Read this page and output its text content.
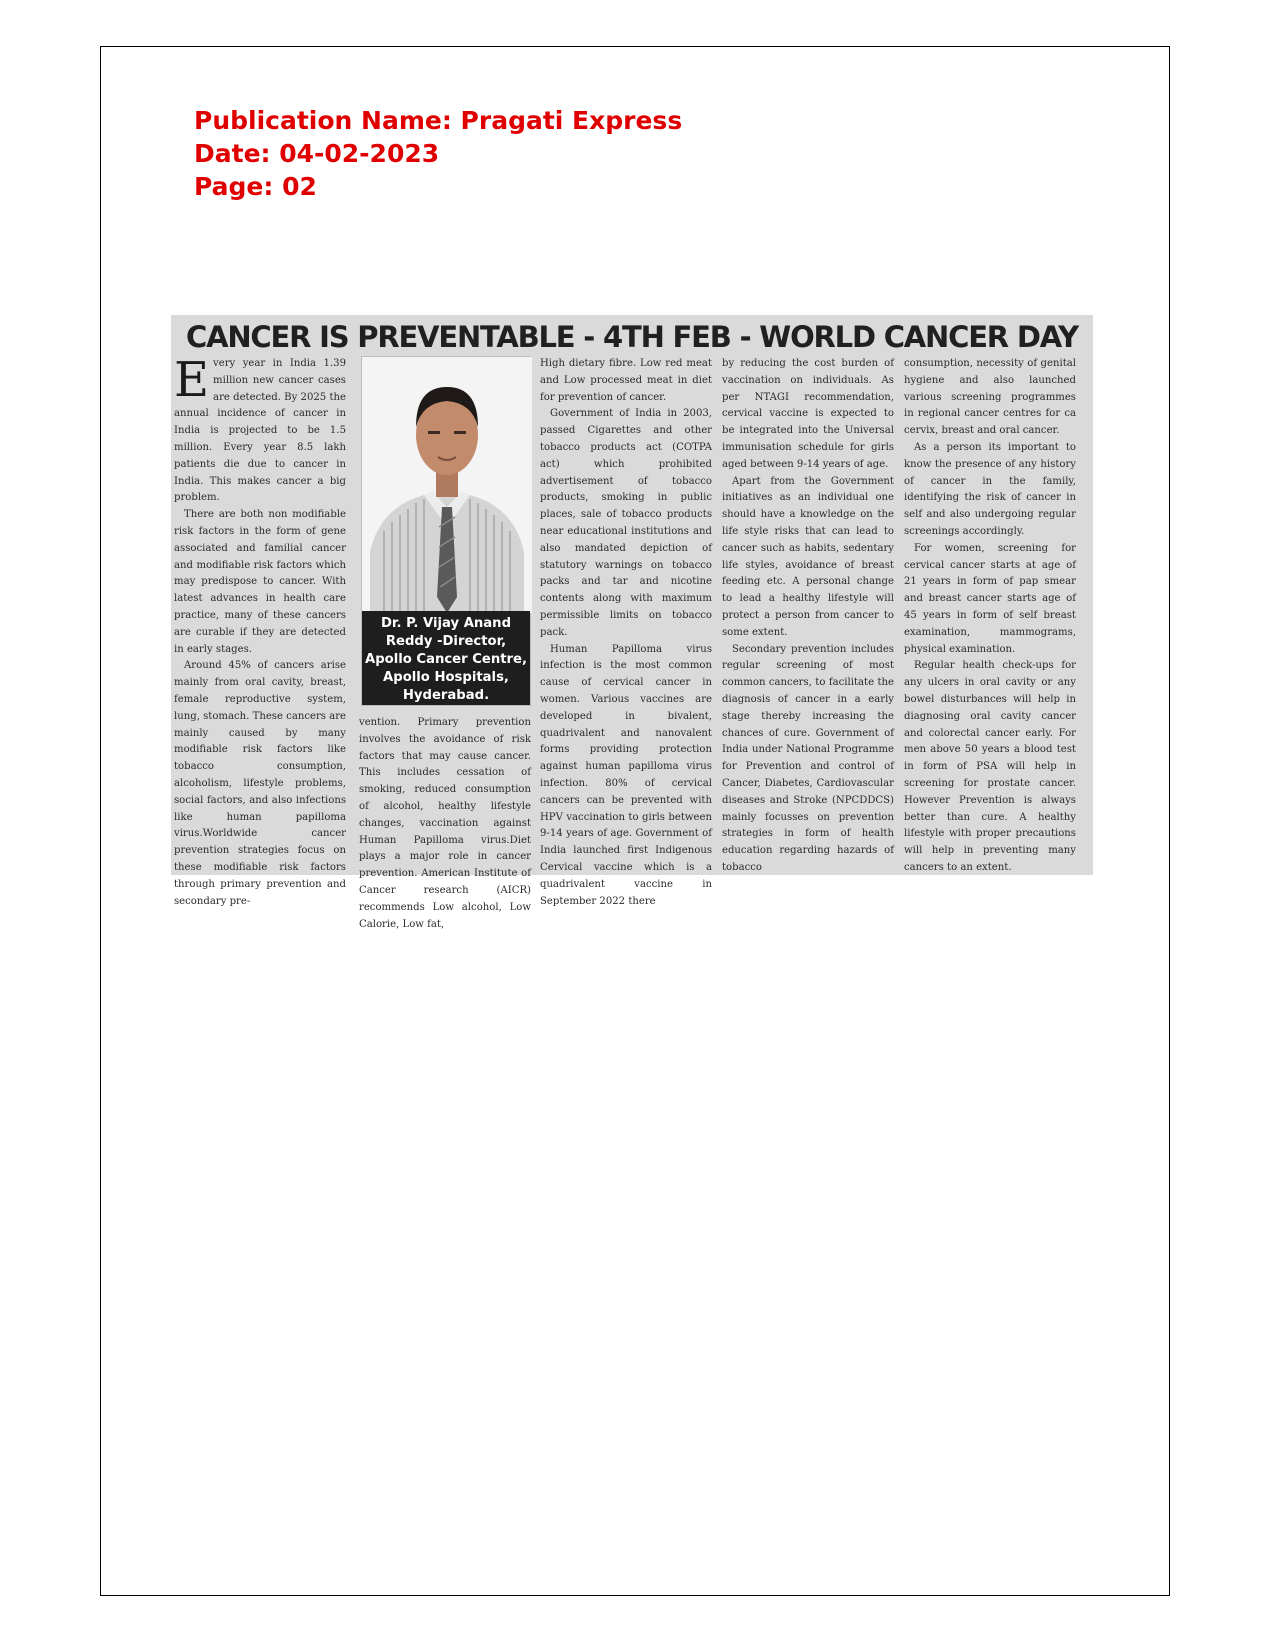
Publication Name: Pragati Express
Date: 04-02-2023
Page: 02
CANCER IS PREVENTABLE - 4TH FEB - WORLD CANCER DAY

Every year in India 1.39 million new cancer cases are detected. By 2025 the annual incidence of cancer in India is projected to be 1.5 million. Every year 8.5 lakh patients die due to cancer in India. This makes cancer a big problem.

There are both non modifiable risk factors in the form of gene associated and familial cancer and modifiable risk factors which may predispose to cancer. With latest advances in health care practice, many of these cancers are curable if they are detected in early stages.

Around 45% of cancers arise mainly from oral cavity, breast, female reproductive system, lung, stomach. These cancers are mainly caused by many modifiable risk factors like tobacco consumption, alcoholism, lifestyle problems, social factors, and also infections like human papilloma virus.Worldwide cancer prevention strategies focus on these modifiable risk factors through primary prevention and secondary pre-

Dr. P. Vijay Anand Reddy -Director, Apollo Cancer Centre, Apollo Hospitals, Hyderabad.

vention. Primary prevention involves the avoidance of risk factors that may cause cancer. This includes cessation of smoking, reduced consumption of alcohol, healthy lifestyle changes, vaccination against Human Papilloma virus.Diet plays a major role in cancer prevention. American Institute of Cancer research (AICR) recommends Low alcohol, Low Calorie, Low fat,

High dietary fibre. Low red meat and Low processed meat in diet for prevention of cancer.

Government of India in 2003, passed Cigarettes and other tobacco products act (COTPA act) which prohibited advertisement of tobacco products, smoking in public places, sale of tobacco products near educational institutions and also mandated depiction of statutory warnings on tobacco packs and tar and nicotine contents along with maximum permissible limits on tobacco pack.

Human Papilloma virus infection is the most common cause of cervical cancer in women. Various vaccines are developed in bivalent, quadrivalent and nanovalent forms providing protection against human papilloma virus infection. 80% of cervical cancers can be prevented with HPV vaccination to girls between 9-14 years of age. Government of India launched first Indigenous Cervical vaccine which is a quadrivalent vaccine in September 2022 there

by reducing the cost burden of vaccination on individuals. As per NTAGI recommendation, cervical vaccine is expected to be integrated into the Universal immunisation schedule for girls aged between 9-14 years of age.

Apart from the Government initiatives as an individual one should have a knowledge on the life style risks that can lead to cancer such as habits, sedentary life styles, avoidance of breast feeding etc. A personal change to lead a healthy lifestyle will protect a person from cancer to some extent.

Secondary prevention includes regular screening of most common cancers, to facilitate the diagnosis of cancer in a early stage thereby increasing the chances of cure. Government of India under National Programme for Prevention and control of Cancer, Diabetes, Cardiovascular diseases and Stroke (NPCDDCS) mainly focusses on prevention strategies in form of health education regarding hazards of tobacco

consumption, necessity of genital hygiene and also launched various screening programmes in regional cancer centres for ca cervix, breast and oral cancer.

As a person its important to know the presence of any history of cancer in the family, identifying the risk of cancer in self and also undergoing regular screenings accordingly.

For women, screening for cervical cancer starts at age of 21 years in form of pap smear and breast cancer starts age of 45 years in form of self breast examination, mammograms, physical examination.

Regular health check-ups for any ulcers in oral cavity or any bowel disturbances will help in diagnosing oral cavity cancer and colorectal cancer early. For men above 50 years a blood test in form of PSA will help in screening for prostate cancer. However Prevention is always better than cure. A healthy lifestyle with proper precautions will help in preventing many cancers to an extent.
